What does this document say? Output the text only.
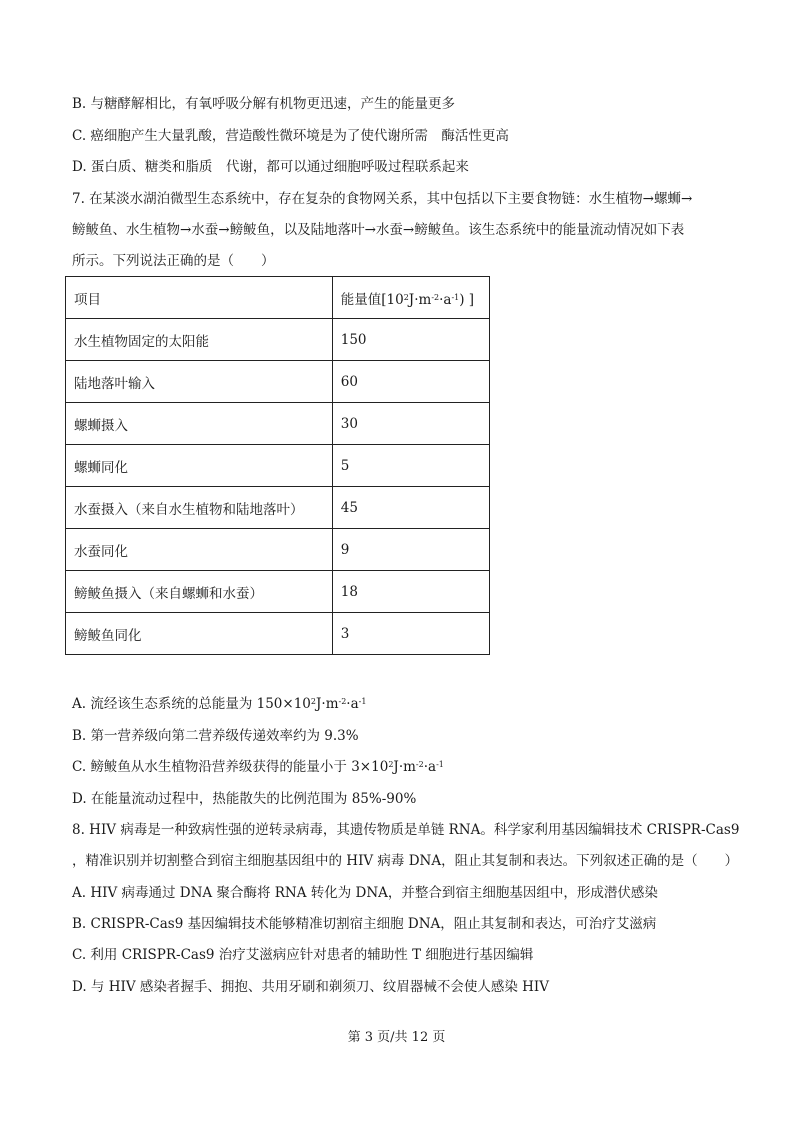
B. 与糖酵解相比，有氧呼吸分解有机物更迅速，产生的能量更多
C. 癌细胞产生大量乳酸，营造酸性微环境是为了使代谢所需　酶活性更高
D. 蛋白质、糖类和脂质　代谢，都可以通过细胞呼吸过程联系起来
7. 在某淡水湖泊微型生态系统中，存在复杂的食物网关系，其中包括以下主要食物链：水生植物→螺蛳→
鳑鲏鱼、水生植物→水蚕→鳑鲏鱼，以及陆地落叶→水蚕→鳑鲏鱼。该生态系统中的能量流动情况如下表
所示。下列说法正确的是（　　）
项目	能量值$[10^2J\cdot m^{-2}\cdot a^{-1})$ ]
水生植物固定的太阳能	150
陆地落叶输入	60
螺蛳摄入	30
螺蛳同化	5
水蚕摄入（来自水生植物和陆地落叶）	45
水蚕同化	9
鳑鲏鱼摄入（来自螺蛳和水蚕）	18
鳑鲏鱼同化	3
A. 流经该生态系统的总能量为 $150\times 10^2J\cdot m^{-2}\cdot a^{-1}$
B. 第一营养级向第二营养级传递效率约为 9.3%
C. 鳑鲏鱼从水生植物沿营养级获得的能量小于 $3\times 10^2J\cdot m^{-2}\cdot a^{-1}$
D. 在能量流动过程中，热能散失的比例范围为 85%-90%
8. HIV 病毒是一种致病性强的逆转录病毒，其遗传物质是单链 RNA。科学家利用基因编辑技术 CRISPR-Cas9
，精准识别并切割整合到宿主细胞基因组中的 HIV 病毒 DNA，阻止其复制和表达。下列叙述正确的是（　　）
A. HIV 病毒通过 DNA 聚合酶将 RNA 转化为 DNA，并整合到宿主细胞基因组中，形成潜伏感染
B. CRISPR-Cas9 基因编辑技术能够精准切割宿主细胞 DNA，阻止其复制和表达，可治疗艾滋病
C. 利用 CRISPR-Cas9 治疗艾滋病应针对患者的辅助性 T 细胞进行基因编辑
D. 与 HIV 感染者握手、拥抱、共用牙刷和剃须刀、纹眉器械不会使人感染 HIV
第 3 页/共 12 页
